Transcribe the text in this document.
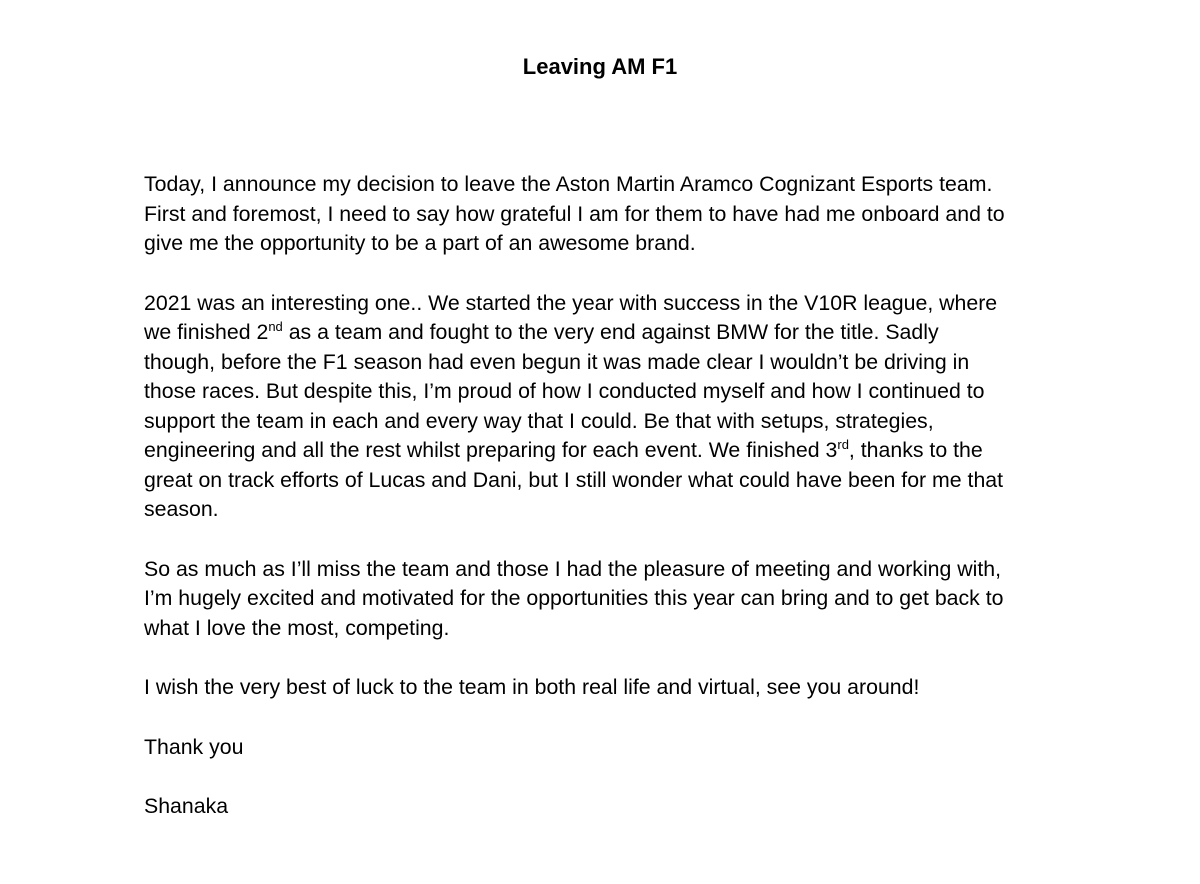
Leaving AM F1

Today, I announce my decision to leave the Aston Martin Aramco Cognizant Esports team.
First and foremost, I need to say how grateful I am for them to have had me onboard and to
give me the opportunity to be a part of an awesome brand.

2021 was an interesting one.. We started the year with success in the V10R league, where
we finished 2nd as a team and fought to the very end against BMW for the title. Sadly
though, before the F1 season had even begun it was made clear I wouldn’t be driving in
those races. But despite this, I’m proud of how I conducted myself and how I continued to
support the team in each and every way that I could. Be that with setups, strategies,
engineering and all the rest whilst preparing for each event. We finished 3rd, thanks to the
great on track efforts of Lucas and Dani, but I still wonder what could have been for me that
season.

So as much as I’ll miss the team and those I had the pleasure of meeting and working with,
I’m hugely excited and motivated for the opportunities this year can bring and to get back to
what I love the most, competing.

I wish the very best of luck to the team in both real life and virtual, see you around!

Thank you

Shanaka
